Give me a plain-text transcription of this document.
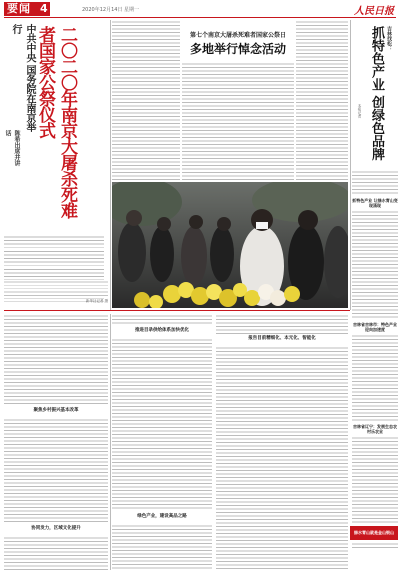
要闻 4	2020年12月14日 星期一	人民日报
二〇二〇年南京大屠杀死难者国家公祭仪式
中共中央 国务院在南京举行
陈希出席并讲话
新华社记者 摄
第七个南京大屠杀死难者国家公祭日
多地举行悼念活动	吉林找松：
抓特色产业 创绿色品牌
本报记者
抓特色产业 让绿水青山变现涌现
吉林省吉林市：特色产业迎向加速度
吉林省辽宁：发展生态农村乐农业
绿水青山就是金山银山
聚焦乡村振兴基本改革
协同发力，区域文化提升
推进目录供给体系加快优化
绿色产业，建设高品之路
报告目前精细化、本元化、智能化
